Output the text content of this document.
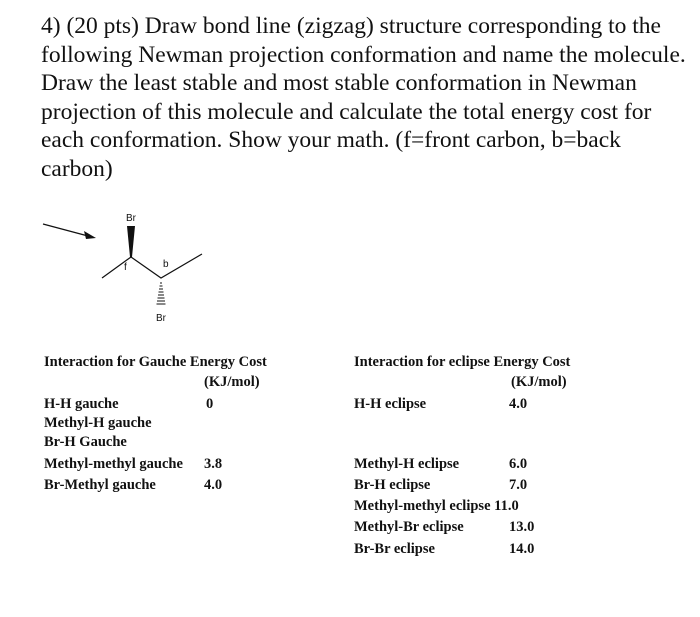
4) (20 pts) Draw bond line (zigzag) structure corresponding to the following Newman projection conformation and name the molecule. Draw the least stable and most stable conformation in Newman projection of this molecule and calculate the total energy cost for each conformation. Show your math. (f=front carbon, b=back carbon)

Br
f	b
Br
Interaction for Gauche Energy Cost
(KJ/mol)
H-H gauche	0
Methyl-H gauche
Br-H Gauche
Methyl-methyl gauche 3.8
Br-Methyl gauche	4.0
Interaction for eclipse Energy Cost
(KJ/mol)
H-H eclipse	4.0
Methyl-H eclipse	6.0
Br-H eclipse	7.0
Methyl-methyl eclipse 11.0
Methyl-Br eclipse	13.0
Br-Br eclipse	14.0
